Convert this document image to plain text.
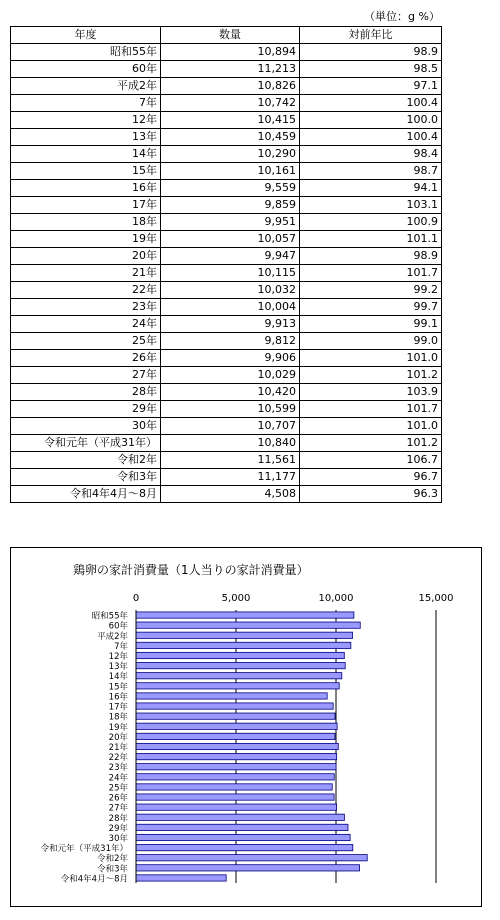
（単位：g %）
年度	数量	対前年比
昭和55年	10,894	98.9
60年	11,213	98.5
平成2年	10,826	97.1
7年	10,742	100.4
12年	10,415	100.0
13年	10,459	100.4
14年	10,290	98.4
15年	10,161	98.7
16年	9,559	94.1
17年	9,859	103.1
18年	9,951	100.9
19年	10,057	101.1
20年	9,947	98.9
21年	10,115	101.7
22年	10,032	99.2
23年	10,004	99.7
24年	9,913	99.1
25年	9,812	99.0
26年	9,906	101.0
27年	10,029	101.2
28年	10,420	103.9
29年	10,599	101.7
30年	10,707	101.0
令和元年（平成31年）	10,840	101.2
令和2年	11,561	106.7
令和3年	11,177	96.7
令和4年4月～8月	4,508	96.3
鶏卵の家計消費量（1人当りの家計消費量）
0	5,000	10,000	15,000
昭和55年
60年
平成2年
7年
12年
13年
14年
15年
16年
17年
18年
19年
20年
21年
22年
23年
24年
25年
26年
27年
28年
29年
30年
令和元年（平成31年）
令和2年
令和3年
令和4年4月～8月
